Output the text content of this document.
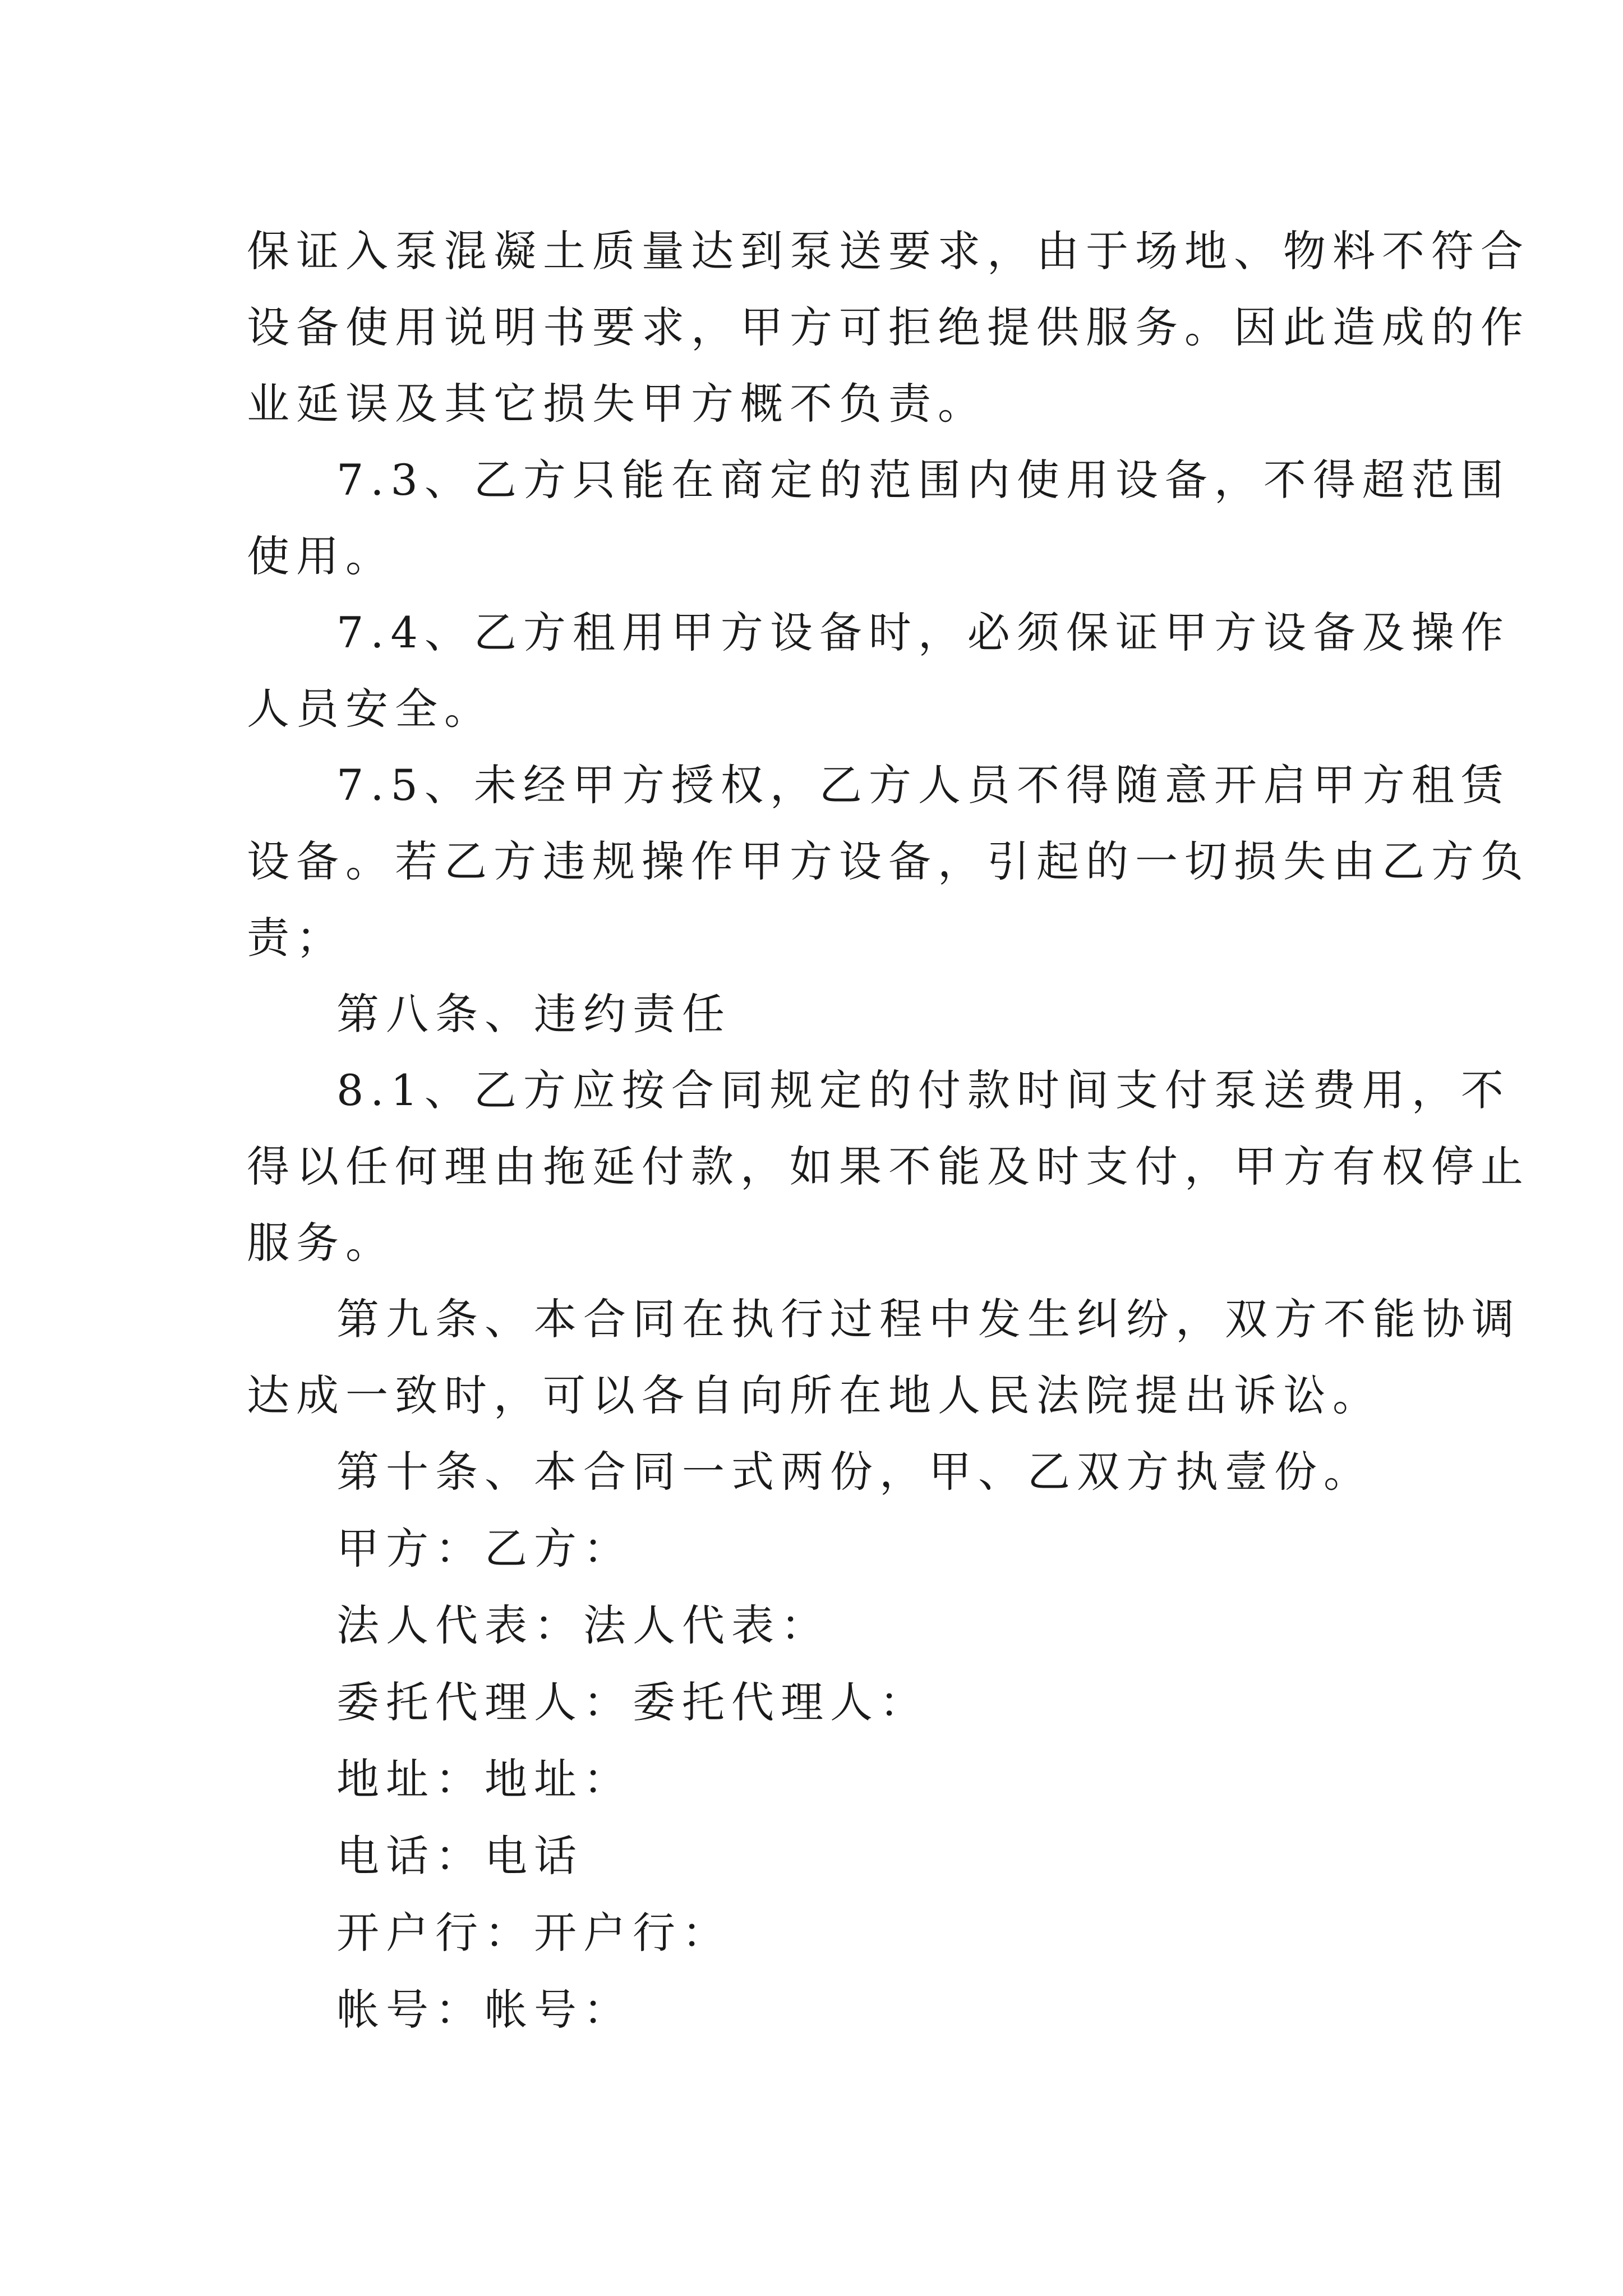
保证入泵混凝土质量达到泵送要求，由于场地、物料不符合
设备使用说明书要求，甲方可拒绝提供服务。因此造成的作
业延误及其它损失甲方概不负责。
7.3、乙方只能在商定的范围内使用设备，不得超范围
使用。
7.4、乙方租用甲方设备时，必须保证甲方设备及操作
人员安全。
7.5、未经甲方授权，乙方人员不得随意开启甲方租赁
设备。若乙方违规操作甲方设备，引起的一切损失由乙方负
责；
第八条、违约责任
8.1、乙方应按合同规定的付款时间支付泵送费用，不
得以任何理由拖延付款，如果不能及时支付，甲方有权停止
服务。
第九条、本合同在执行过程中发生纠纷，双方不能协调
达成一致时，可以各自向所在地人民法院提出诉讼。
第十条、本合同一式两份，甲、乙双方执壹份。
甲方：乙方：
法人代表：法人代表：
委托代理人：委托代理人：
地址：地址：
电话：电话
开户行：开户行：
帐号：帐号：
